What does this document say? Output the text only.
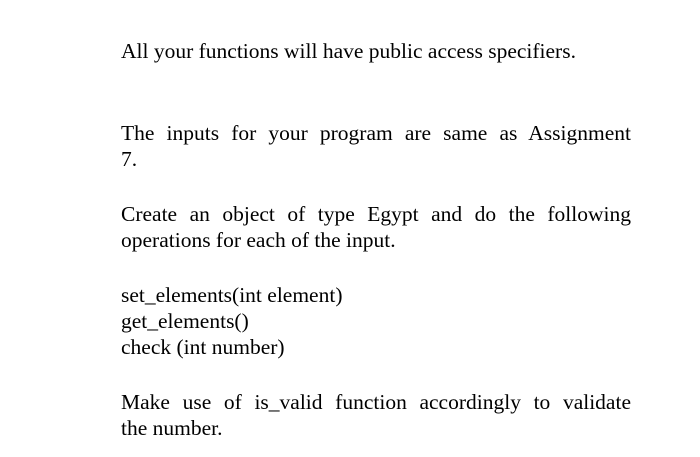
All your functions will have public access specifiers.

The inputs for your program are same as Assignment
7.

Create an object of type Egypt and do the following
operations for each of the input.

set_elements(int element)
get_elements()
check (int number)

Make use of is_valid function accordingly to validate
the number.
